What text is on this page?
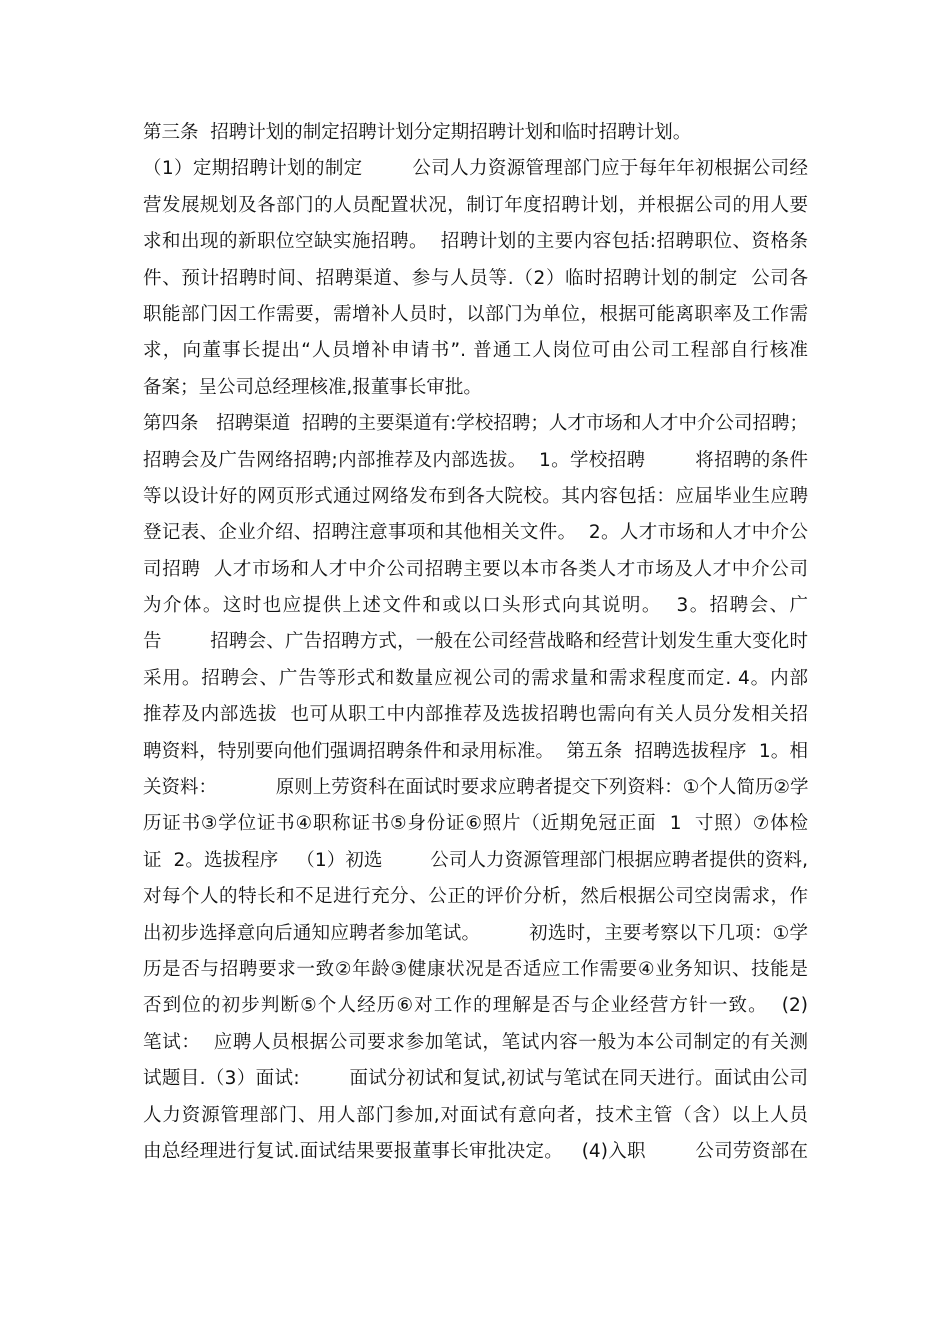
第三条  招聘计划的制定招聘计划分定期招聘计划和临时招聘计划。
（1）定期招聘计划的制定        公司人力资源管理部门应于每年年初根据公司经
营发展规划及各部门的人员配置状况，制订年度招聘计划，并根据公司的用人要
求和出现的新职位空缺实施招聘。  招聘计划的主要内容包括:招聘职位、资格条
件、预计招聘时间、招聘渠道、参与人员等.（2）临时招聘计划的制定  公司各
职能部门因工作需要，需增补人员时，以部门为单位，根据可能离职率及工作需
求，向董事长提出“人员增补申请书”. 普通工人岗位可由公司工程部自行核准
备案；呈公司总经理核准,报董事长审批。
第四条   招聘渠道  招聘的主要渠道有:学校招聘；人才市场和人才中介公司招聘；
招聘会及广告网络招聘;内部推荐及内部选拔。  1。学校招聘        将招聘的条件
等以设计好的网页形式通过网络发布到各大院校。其内容包括：应届毕业生应聘
登记表、企业介绍、招聘注意事项和其他相关文件。  2。人才市场和人才中介公
司招聘  人才市场和人才中介公司招聘主要以本市各类人才市场及人才中介公司
为介体。这时也应提供上述文件和或以口头形式向其说明。  3。招聘会、广
告        招聘会、广告招聘方式，一般在公司经营战略和经营计划发生重大变化时
采用。招聘会、广告等形式和数量应视公司的需求量和需求程度而定. 4。内部
推荐及内部选拔  也可从职工中内部推荐及选拔招聘也需向有关人员分发相关招
聘资料，特别要向他们强调招聘条件和录用标准。  第五条  招聘选拔程序  1。相
关资料：          原则上劳资科在面试时要求应聘者提交下列资料：①个人简历②学
历证书③学位证书④职称证书⑤身份证⑥照片（近期免冠正面  1  寸照）⑦体检
证  2。选拔程序   （1）初选        公司人力资源管理部门根据应聘者提供的资料,
对每个人的特长和不足进行充分、公正的评价分析，然后根据公司空岗需求，作
出初步选择意向后通知应聘者参加笔试。        初选时，主要考察以下几项：①学
历是否与招聘要求一致②年龄③健康状况是否适应工作需要④业务知识、技能是
否到位的初步判断⑤个人经历⑥对工作的理解是否与企业经营方针一致。  (2)
笔试：  应聘人员根据公司要求参加笔试，笔试内容一般为本公司制定的有关测
试题目.（3）面试:        面试分初试和复试,初试与笔试在同天进行。面试由公司
人力资源管理部门、用人部门参加,对面试有意向者，技术主管（含）以上人员
由总经理进行复试.面试结果要报董事长审批决定。   (4)入职        公司劳资部在
